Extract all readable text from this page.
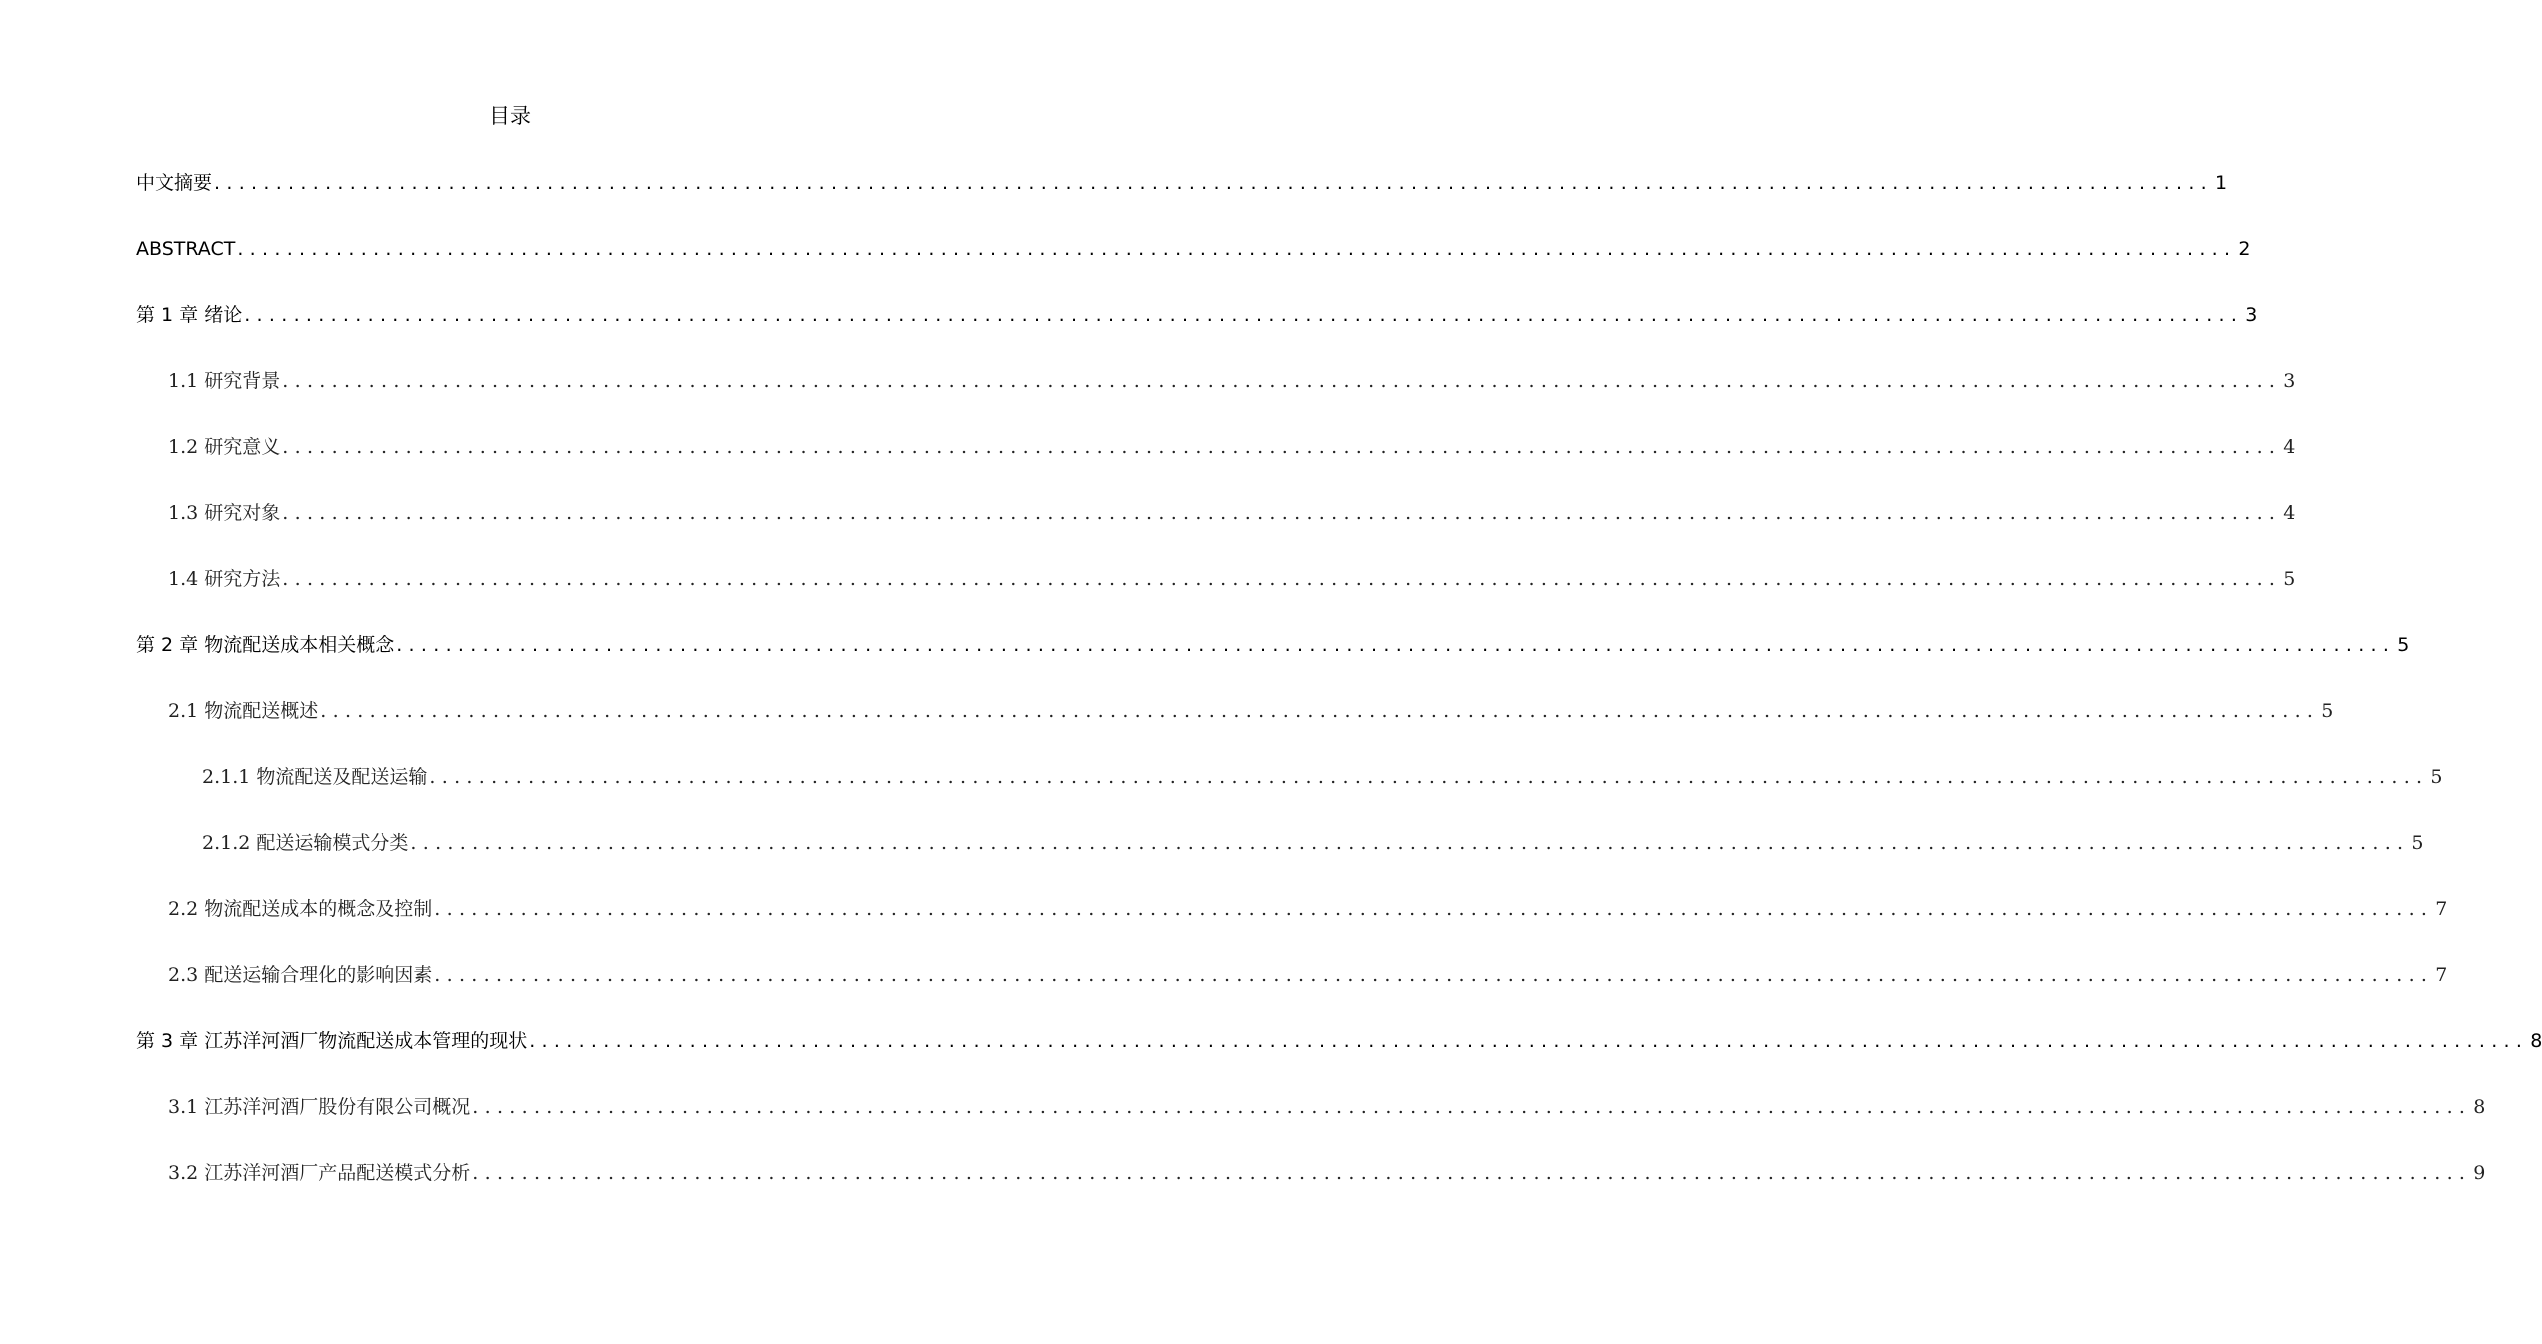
目录
中文摘要 .................................................................................................................................................................. 1
ABSTRACT .................................................................................................................................................................. 2
第 1 章 绪论 .................................................................................................................................................................. 3
1.1 研究背景 .................................................................................................................................................................. 3
1.2 研究意义 .................................................................................................................................................................. 4
1.3 研究对象 .................................................................................................................................................................. 4
1.4 研究方法 .................................................................................................................................................................. 5
第 2 章 物流配送成本相关概念 .................................................................................................................................................................. 5
2.1 物流配送概述 .................................................................................................................................................................. 5
2.1.1 物流配送及配送运输 .................................................................................................................................................................. 5
2.1.2 配送运输模式分类 .................................................................................................................................................................. 5
2.2 物流配送成本的概念及控制 .................................................................................................................................................................. 7
2.3 配送运输合理化的影响因素 .................................................................................................................................................................. 7
第 3 章 江苏洋河酒厂物流配送成本管理的现状 .................................................................................................................................................................. 8
3.1 江苏洋河酒厂股份有限公司概况 .................................................................................................................................................................. 8
3.2 江苏洋河酒厂产品配送模式分析 .................................................................................................................................................................. 9
